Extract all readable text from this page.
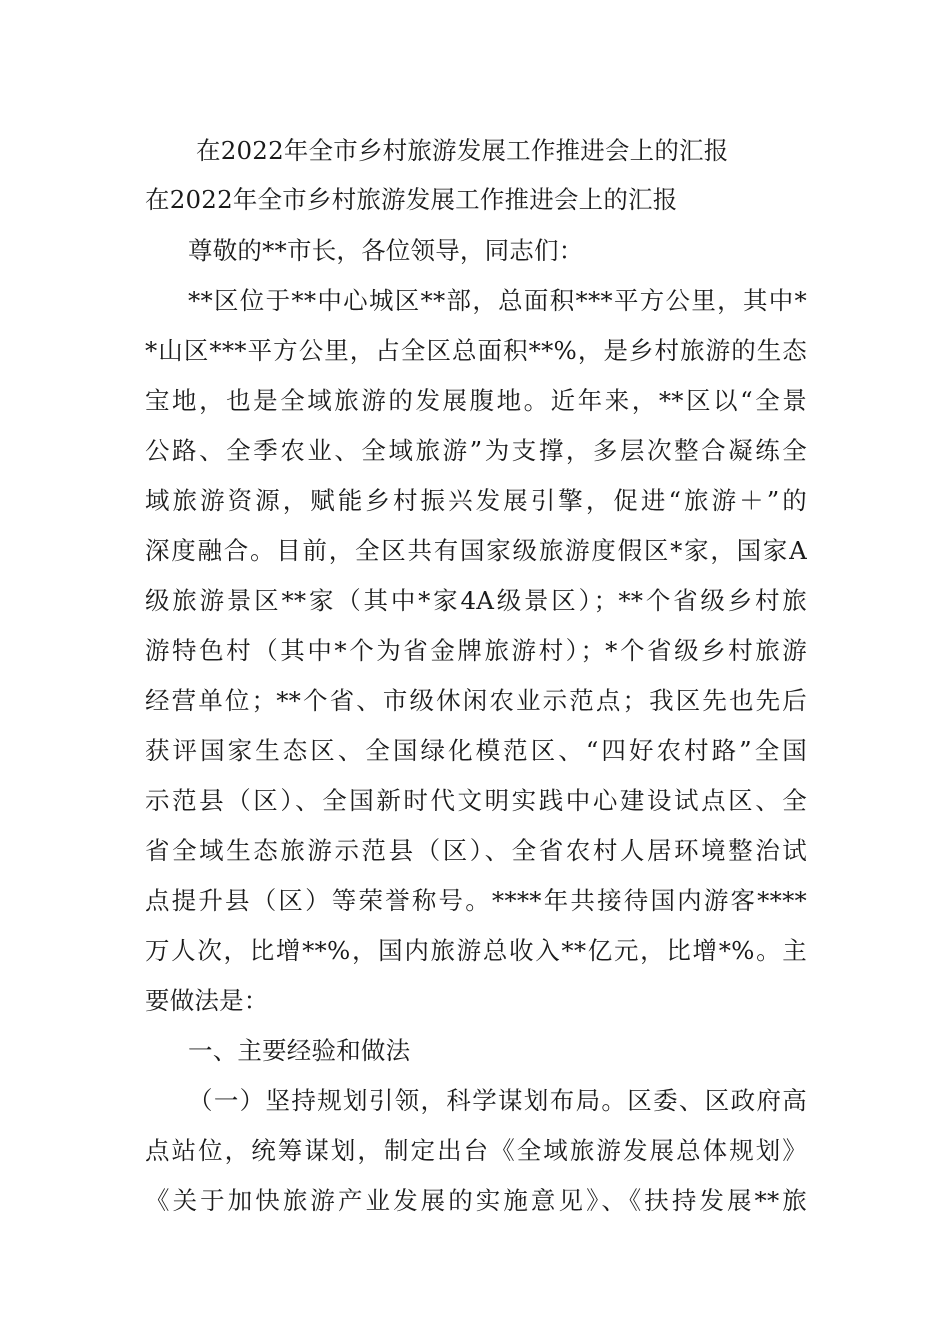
在2022年全市乡村旅游发展工作推进会上的汇报

在2022年全市乡村旅游发展工作推进会上的汇报

尊敬的**市长，各位领导，同志们：

**区位于**中心城区**部，总面积***平方公里，其中*

*山区***平方公里，占全区总面积**%，是乡村旅游的生态

宝地，也是全域旅游的发展腹地。近年来，**区以“全景

公路、全季农业、全域旅游”为支撑，多层次整合凝练全

域旅游资源，赋能乡村振兴发展引擎，促进“旅游＋”的

深度融合。目前，全区共有国家级旅游度假区*家，国家A

级旅游景区**家（其中*家4A级景区）；**个省级乡村旅

游特色村（其中*个为省金牌旅游村）；*个省级乡村旅游

经营单位；**个省、市级休闲农业示范点；我区先也先后

获评国家生态区、全国绿化模范区、“四好农村路”全国

示范县（区）、全国新时代文明实践中心建设试点区、全

省全域生态旅游示范县（区）、全省农村人居环境整治试

点提升县（区）等荣誉称号。****年共接待国内游客****

万人次，比增**%，国内旅游总收入**亿元，比增*%。主

要做法是：

一、主要经验和做法

（一）坚持规划引领，科学谋划布局。区委、区政府高

点站位，统筹谋划，制定出台《全域旅游发展总体规划》

《关于加快旅游产业发展的实施意见》、《扶持发展**旅
